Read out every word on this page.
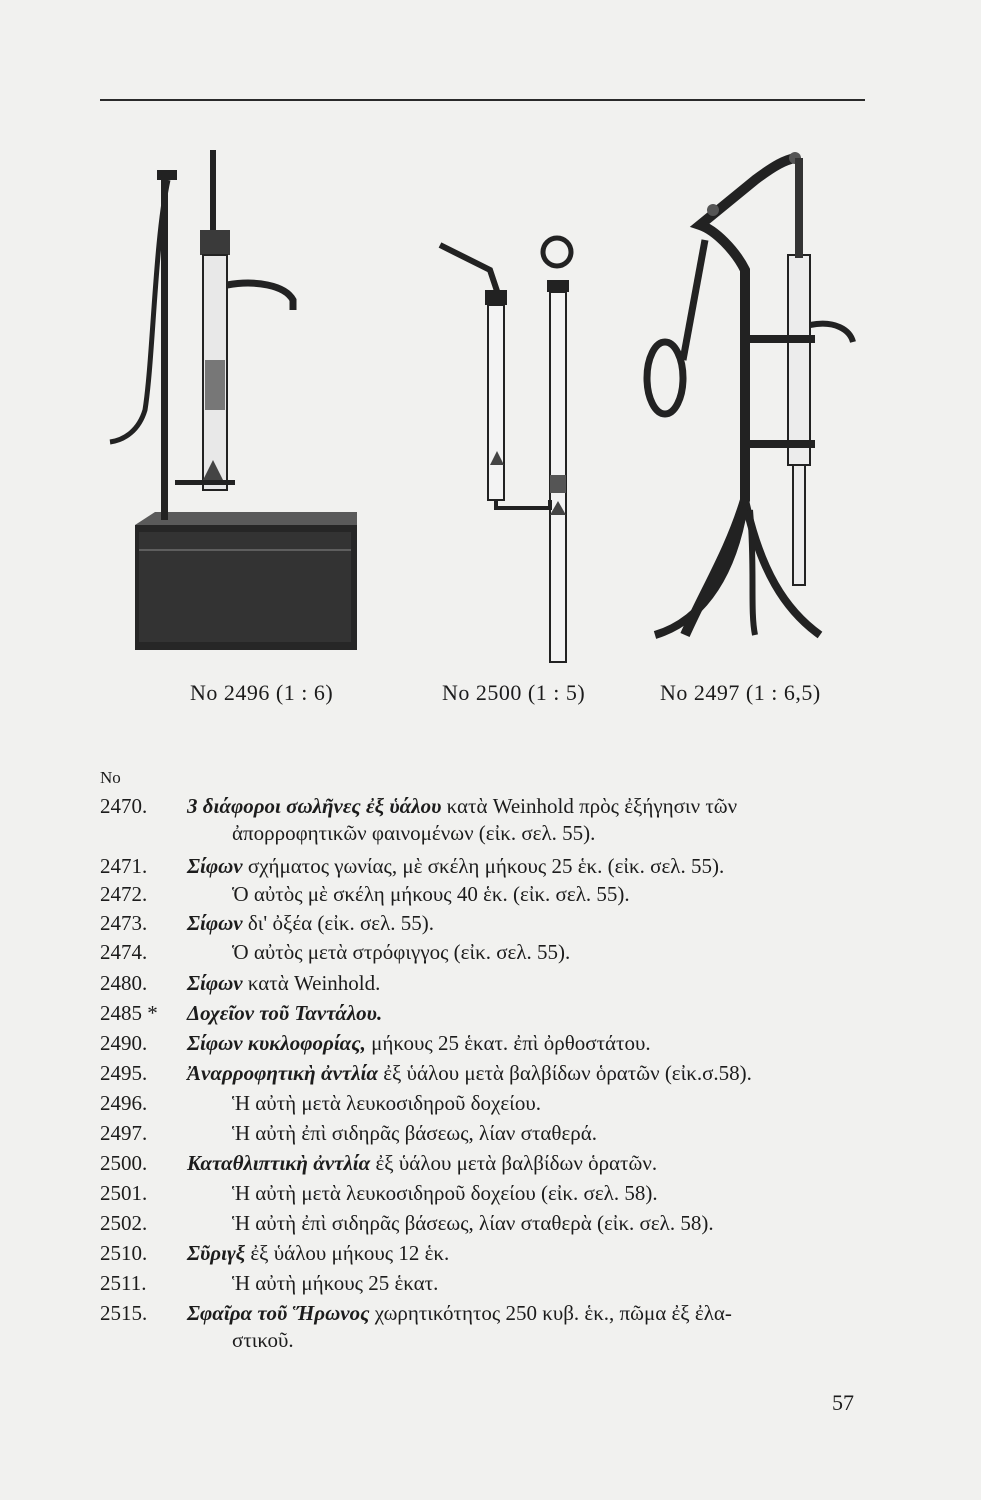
No 2496 (1 : 6)	No 2500 (1 : 5)	No 2497 (1 : 6,5)
No
2470.	3 διάφοροι σωλῆνες ἐξ ὑάλου κατὰ Weinhold πρὸς ἐξήγησιν τῶν
ἀπορροφητικῶν φαινομένων (εἰκ. σελ. 55).
2471.	Σίφων σχήματος γωνίας, μὲ σκέλη μήκους 25 ἑκ. (εἰκ. σελ. 55).
2472.	Ὁ αὐτὸς μὲ σκέλη μήκους 40 ἑκ. (εἰκ. σελ. 55).
2473.	Σίφων δι' ὀξέα (εἰκ. σελ. 55).
2474.	Ὁ αὐτὸς μετὰ στρόφιγγος (εἰκ. σελ. 55).
2480.	Σίφων κατὰ Weinhold.
2485 *	Δοχεῖον τοῦ Ταντάλου.
2490.	Σίφων κυκλοφορίας, μήκους 25 ἑκατ. ἐπὶ ὀρθοστάτου.
2495.	Ἀναρροφητικὴ ἀντλία ἐξ ὑάλου μετὰ βαλβίδων ὁρατῶν (εἰκ.σ.58).
2496.	Ἡ αὐτὴ μετὰ λευκοσιδηροῦ δοχείου.
2497.	Ἡ αὐτὴ ἐπὶ σιδηρᾶς βάσεως, λίαν σταθερά.
2500.	Καταθλιπτικὴ ἀντλία ἐξ ὑάλου μετὰ βαλβίδων ὁρατῶν.
2501.	Ἡ αὐτὴ μετὰ λευκοσιδηροῦ δοχείου (εἰκ. σελ. 58).
2502.	Ἡ αὐτὴ ἐπὶ σιδηρᾶς βάσεως, λίαν σταθερὰ (εἰκ. σελ. 58).
2510.	Σῦριγξ ἐξ ὑάλου μήκους 12 ἑκ.
2511.	Ἡ αὐτὴ μήκους 25 ἑκατ.
2515.	Σφαῖρα τοῦ Ἥρωνος χωρητικότητος 250 κυβ. ἑκ., πῶμα ἐξ ἐλα-
στικοῦ.
57
